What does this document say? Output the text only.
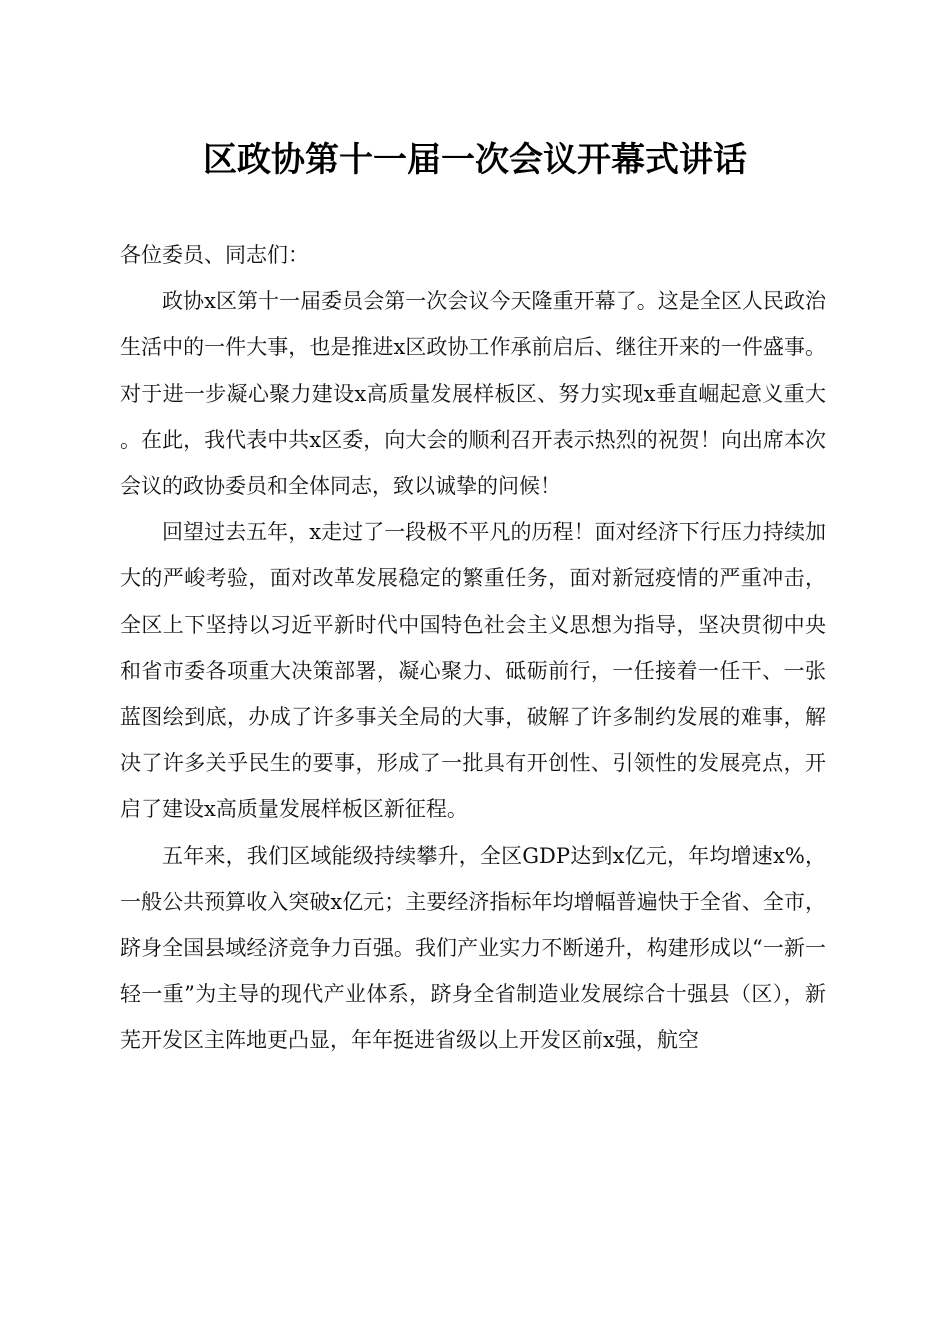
区政协第十一届一次会议开幕式讲话

各位委员、同志们：

政协x区第十一届委员会第一次会议今天隆重开幕了。这是全区人民政治生活中的一件大事，也是推进x区政协工作承前启后、继往开来的一件盛事。对于进一步凝心聚力建设x高质量发展样板区、努力实现x垂直崛起意义重大。在此，我代表中共x区委，向大会的顺利召开表示热烈的祝贺！向出席本次会议的政协委员和全体同志，致以诚挚的问候！

回望过去五年，x走过了一段极不平凡的历程！面对经济下行压力持续加大的严峻考验，面对改革发展稳定的繁重任务，面对新冠疫情的严重冲击，全区上下坚持以习近平新时代中国特色社会主义思想为指导，坚决贯彻中央和省市委各项重大决策部署，凝心聚力、砥砺前行，一任接着一任干、一张蓝图绘到底，办成了许多事关全局的大事，破解了许多制约发展的难事，解决了许多关乎民生的要事，形成了一批具有开创性、引领性的发展亮点，开启了建设x高质量发展样板区新征程。

五年来，我们区域能级持续攀升，全区GDP达到x亿元，年均增速x%，一般公共预算收入突破x亿元；主要经济指标年均增幅普遍快于全省、全市，跻身全国县域经济竞争力百强。我们产业实力不断递升，构建形成以“一新一轻一重”为主导的现代产业体系，跻身全省制造业发展综合十强县（区），新芜开发区主阵地更凸显，年年挺进省级以上开发区前x强，航空
